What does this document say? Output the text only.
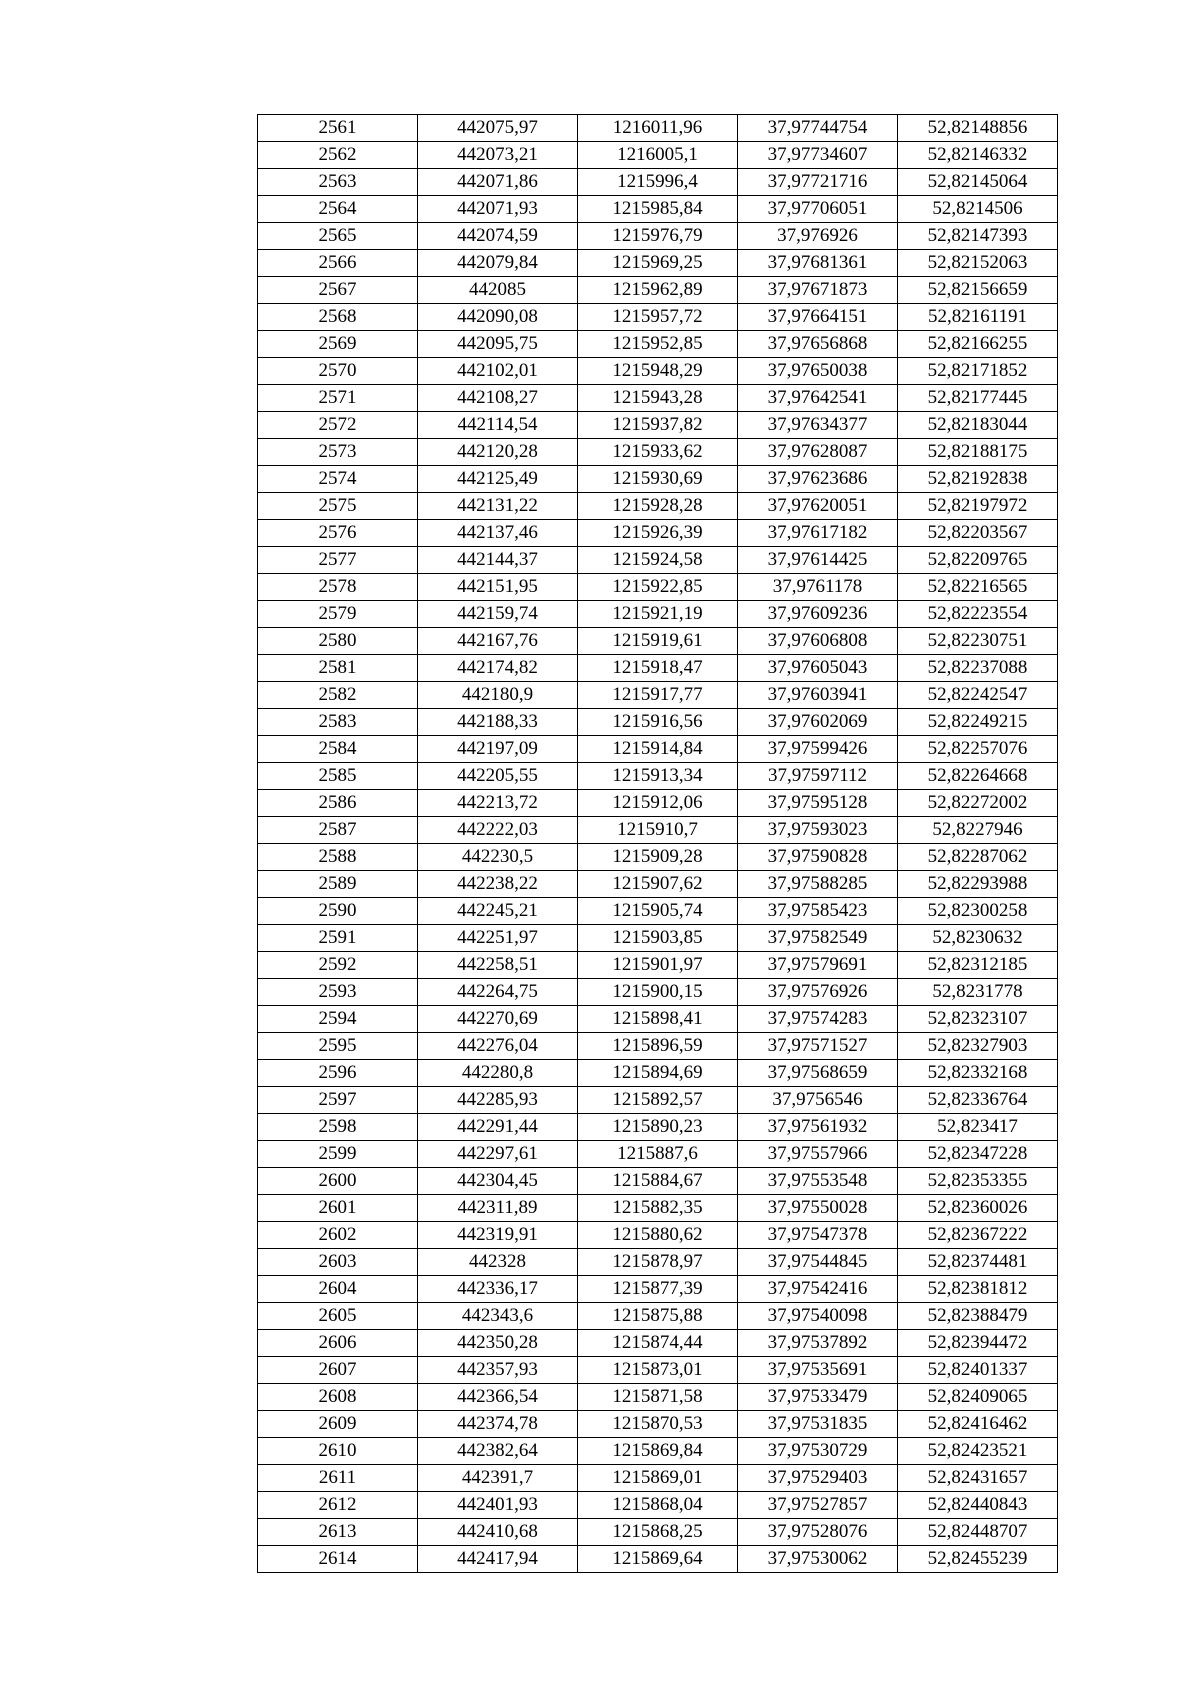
2561	442075,97	1216011,96	37,97744754	52,82148856
2562	442073,21	1216005,1	37,97734607	52,82146332
2563	442071,86	1215996,4	37,97721716	52,82145064
2564	442071,93	1215985,84	37,97706051	52,8214506
2565	442074,59	1215976,79	37,976926	52,82147393
2566	442079,84	1215969,25	37,97681361	52,82152063
2567	442085	1215962,89	37,97671873	52,82156659
2568	442090,08	1215957,72	37,97664151	52,82161191
2569	442095,75	1215952,85	37,97656868	52,82166255
2570	442102,01	1215948,29	37,97650038	52,82171852
2571	442108,27	1215943,28	37,97642541	52,82177445
2572	442114,54	1215937,82	37,97634377	52,82183044
2573	442120,28	1215933,62	37,97628087	52,82188175
2574	442125,49	1215930,69	37,97623686	52,82192838
2575	442131,22	1215928,28	37,97620051	52,82197972
2576	442137,46	1215926,39	37,97617182	52,82203567
2577	442144,37	1215924,58	37,97614425	52,82209765
2578	442151,95	1215922,85	37,9761178	52,82216565
2579	442159,74	1215921,19	37,97609236	52,82223554
2580	442167,76	1215919,61	37,97606808	52,82230751
2581	442174,82	1215918,47	37,97605043	52,82237088
2582	442180,9	1215917,77	37,97603941	52,82242547
2583	442188,33	1215916,56	37,97602069	52,82249215
2584	442197,09	1215914,84	37,97599426	52,82257076
2585	442205,55	1215913,34	37,97597112	52,82264668
2586	442213,72	1215912,06	37,97595128	52,82272002
2587	442222,03	1215910,7	37,97593023	52,8227946
2588	442230,5	1215909,28	37,97590828	52,82287062
2589	442238,22	1215907,62	37,97588285	52,82293988
2590	442245,21	1215905,74	37,97585423	52,82300258
2591	442251,97	1215903,85	37,97582549	52,8230632
2592	442258,51	1215901,97	37,97579691	52,82312185
2593	442264,75	1215900,15	37,97576926	52,8231778
2594	442270,69	1215898,41	37,97574283	52,82323107
2595	442276,04	1215896,59	37,97571527	52,82327903
2596	442280,8	1215894,69	37,97568659	52,82332168
2597	442285,93	1215892,57	37,9756546	52,82336764
2598	442291,44	1215890,23	37,97561932	52,823417
2599	442297,61	1215887,6	37,97557966	52,82347228
2600	442304,45	1215884,67	37,97553548	52,82353355
2601	442311,89	1215882,35	37,97550028	52,82360026
2602	442319,91	1215880,62	37,97547378	52,82367222
2603	442328	1215878,97	37,97544845	52,82374481
2604	442336,17	1215877,39	37,97542416	52,82381812
2605	442343,6	1215875,88	37,97540098	52,82388479
2606	442350,28	1215874,44	37,97537892	52,82394472
2607	442357,93	1215873,01	37,97535691	52,82401337
2608	442366,54	1215871,58	37,97533479	52,82409065
2609	442374,78	1215870,53	37,97531835	52,82416462
2610	442382,64	1215869,84	37,97530729	52,82423521
2611	442391,7	1215869,01	37,97529403	52,82431657
2612	442401,93	1215868,04	37,97527857	52,82440843
2613	442410,68	1215868,25	37,97528076	52,82448707
2614	442417,94	1215869,64	37,97530062	52,82455239
